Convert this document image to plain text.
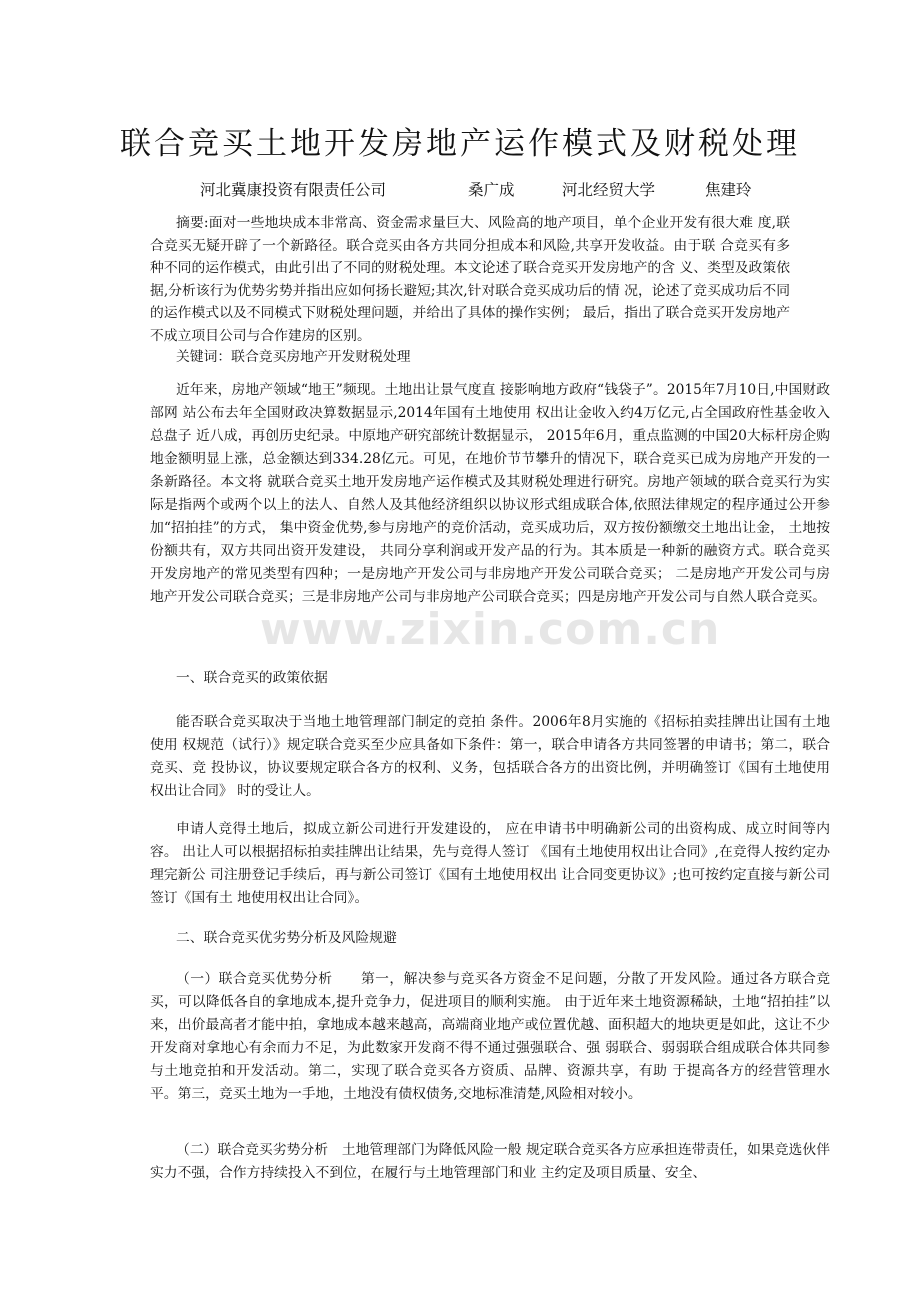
联合竞买土地开发房地产运作模式及财税处理
河北冀康投资有限责任公司	桑广成	河北经贸大学	焦建玲

摘要:面对一些地块成本非常高、资金需求量巨大、风险高的地产项目，单个企业开发有很大难 度,联合竞买无疑开辟了一个新路径。联合竞买由各方共同分担成本和风险,共享开发收益。由于联 合竞买有多种不同的运作模式，由此引出了不同的财税处理。本文论述了联合竞买开发房地产的含 义、类型及政策依据,分析该行为优势劣势并指出应如何扬长避短;其次,针对联合竞买成功后的情 况，论述了竞买成功后不同的运作模式以及不同模式下财税处理问题，并给出了具体的操作实例； 最后，指出了联合竞买开发房地产不成立项目公司与合作建房的区别。

关键词：联合竞买房地产开发财税处理

近年来，房地产领域“地王”频现。土地出让景气度直 接影响地方政府“钱袋子”。2015年7月10日,中国财政部网 站公布去年全国财政决算数据显示,2014年国有土地使用 权出让金收入约4万亿元,占全国政府性基金收入总盘子 近八成，再创历史纪录。中原地产研究部统计数据显示， 2015年6月，重点监测的中国20大标杆房企购地金额明显上涨，总金额达到334.28亿元。可见，在地价节节攀升的情况下，联合竞买已成为房地产开发的一条新路径。本文将 就联合竞买土地开发房地产运作模式及其财税处理进行研究。房地产领域的联合竞买行为实际是指两个或两个以上的法人、自然人及其他经济组织以协议形式组成联合体,依照法律规定的程序通过公开参加“招拍挂”的方式， 集中资金优势,参与房地产的竞价活动，竞买成功后，双方按份额缴交土地出让金， 土地按份额共有，双方共同出资开发建设， 共同分享利润或开发产品的行为。其本质是一种新的融资方式。联合竞买开发房地产的常见类型有四种；一是房地产开发公司与非房地产开发公司联合竞买； 二是房地产开发公司与房地产开发公司联合竞买；三是非房地产公司与非房地产公司联合竞买；四是房地产开发公司与自然人联合竞买。

一、联合竞买的政策依据

能否联合竞买取决于当地土地管理部门制定的竞拍 条件。2006年8月实施的《招标拍卖挂牌出让国有土地使用 权规范（试行）》规定联合竞买至少应具备如下条件：第一，联合申请各方共同签署的申请书；第二，联合竞买、竞 投协议，协议要规定联合各方的权利、义务，包括联合各方的出资比例，并明确签订《国有土地使用权出让合同》 时的受让人。

申请人竞得土地后，拟成立新公司进行开发建设的， 应在申请书中明确新公司的出资构成、成立时间等内容。 出让人可以根据招标拍卖挂牌出让结果，先与竞得人签订 《国有土地使用权出让合同》,在竞得人按约定办理完新公 司注册登记手续后，再与新公司签订《国有土地使用权出 让合同变更协议》;也可按约定直接与新公司签订《国有土 地使用权出让合同》。

二、联合竞买优劣势分析及风险规避

（一）联合竞买优势分析　　第一，解决参与竞买各方资金不足问题，分散了开发风险。通过各方联合竞买，可以降低各自的拿地成本,提升竞争力，促进项目的顺利实施。 由于近年来土地资源稀缺，土地“招拍挂”以来，出价最高者才能中拍，拿地成本越来越高，高端商业地产或位置优越、面积超大的地块更是如此，这让不少开发商对拿地心有余而力不足，为此数家开发商不得不通过强强联合、强 弱联合、弱弱联合组成联合体共同参与土地竞拍和开发活动。第二，实现了联合竞买各方资质、品牌、资源共享，有助 于提高各方的经营管理水平。第三，竞买土地为一手地，土地没有债权债务,交地标准清楚,风险相对较小。

（二）联合竞买劣势分析　土地管理部门为降低风险一般 规定联合竞买各方应承担连带责任，如果竞选伙伴实力不强，合作方持续投入不到位，在履行与土地管理部门和业 主约定及项目质量、安全、

www.zixin.com.cn
